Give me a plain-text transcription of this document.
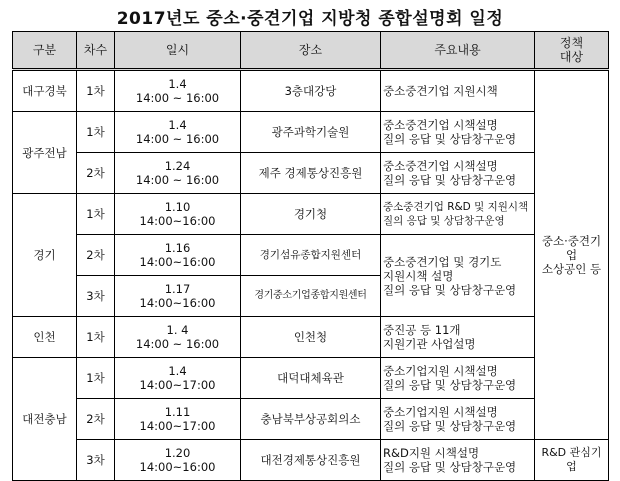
2017년도 중소·중견기업 지방청 종합설명회 일정
구분	차수	일시	장소	주요내용	정책
대상
대구경북	1차	1.4
14:00 ~ 16:00	3층대강당	중소중견기업 지원시책	중소·중견기업
소상공인 등
광주전남	1차	1.4
14:00 ~ 16:00	광주과학기술원	중소중견기업 시책설명
질의 응답 및 상담창구운영	
	2차	1.24
14:00 ~ 16:00	제주 경제통상진흥원	중소중견기업 시책설명
질의 응답 및 상담창구운영	
경기	1차	1.10
14:00~16:00	경기청	중소중견기업 R&D 및 지원시책
질의 응답 및 상담창구운영	
	2차	1.16
14:00~16:00	경기섬유종합지원센터	중소중견기업 및 경기도
지원시책 설명
질의 응답 및 상담창구운영	
	3차	1.17
14:00~16:00	경기중소기업종합지원센터		
인천	1차	1. 4
14:00 ~ 16:00	인천청	중진공 등 11개
지원기관 사업설명	
대전충남	1차	1.4
14:00~17:00	대덕대체육관	중소기업지원 시책설명
질의 응답 및 상담창구운영	
	2차	1.11
14:00~17:00	충남북부상공회의소	중소기업지원 시책설명
질의 응답 및 상담창구운영	
	3차	1.20
14:00~16:00	대전경제통상진흥원	R&D지원 시책설명
질의 응답 및 상담창구운영	R&D 관심기업
